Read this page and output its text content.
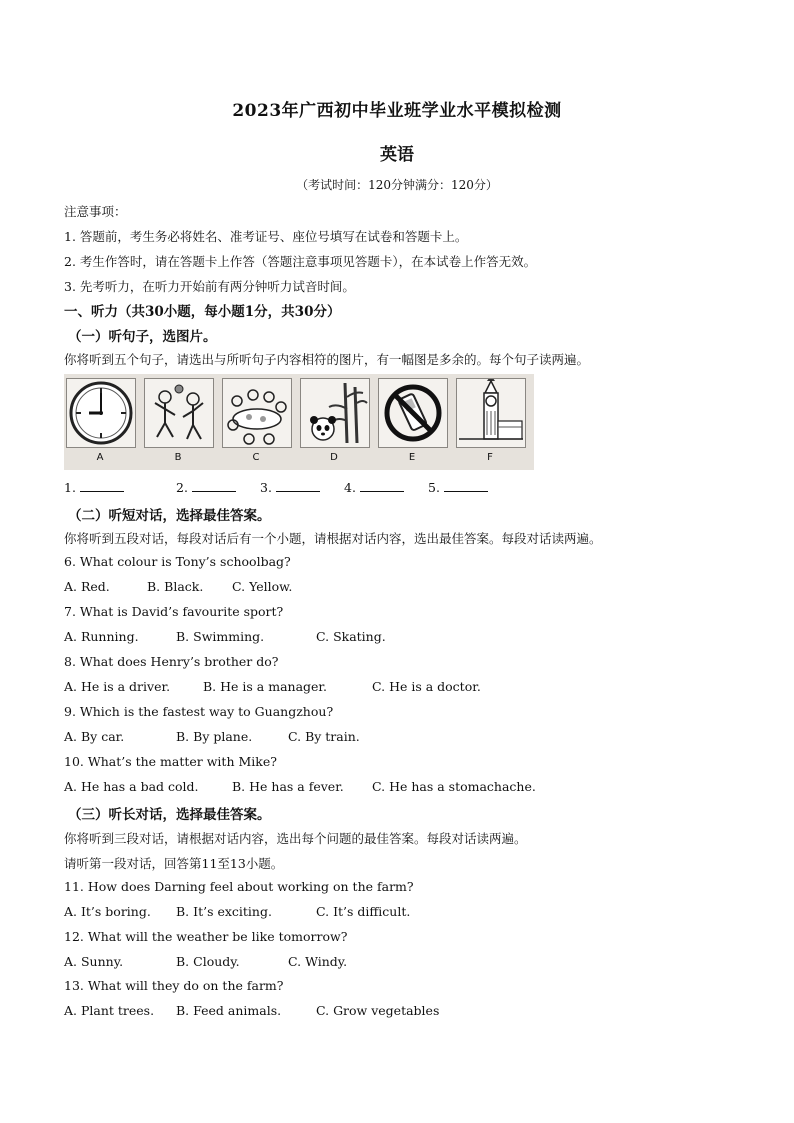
2023年广西初中毕业班学业水平模拟检测
英语
（考试时间：120分钟满分：120分）
注意事项：
1. 答题前，考生务必将姓名、准考证号、座位号填写在试卷和答题卡上。
2. 考生作答时，请在答题卡上作答（答题注意事项见答题卡），在本试卷上作答无效。
3. 先考听力，在听力开始前有两分钟听力试音时间。
一、听力（共30小题，每小题1分，共30分）
（一）听句子，选图片。
你将听到五个句子，请选出与所听句子内容相符的图片，有一幅图是多余的。每个句子读两遍。
A	B	C	D	E	F
1.	2.	3.	4.	5.
（二）听短对话，选择最佳答案。
你将听到五段对话，每段对话后有一个小题，请根据对话内容，选出最佳答案。每段对话读两遍。
6. What colour is Tony’s schoolbag?
A. Red.	B. Black. C. Yellow.
7. What is David’s favourite sport?
A. Running.	B. Swimming.	C. Skating.
8. What does Henry’s brother do?
A. He is a driver.	B. He is a manager.	C. He is a doctor.
9. Which is the fastest way to Guangzhou?
A. By car.	B. By plane.	C. By train.
10. What’s the matter with Mike?
A. He has a bad cold.	B. He has a fever. C. He has a stomachache.
（三）听长对话，选择最佳答案。
你将听到三段对话，请根据对话内容，选出每个问题的最佳答案。每段对话读两遍。
请听第一段对话，回答第11至13小题。
11. How does Darning feel about working on the farm?
A. It’s boring. B. It’s exciting.	C. It’s difficult.
12. What will the weather be like tomorrow?
A. Sunny.	B. Cloudy.	C. Windy.
13. What will they do on the farm?
A. Plant trees. B. Feed animals.	C. Grow vegetables
